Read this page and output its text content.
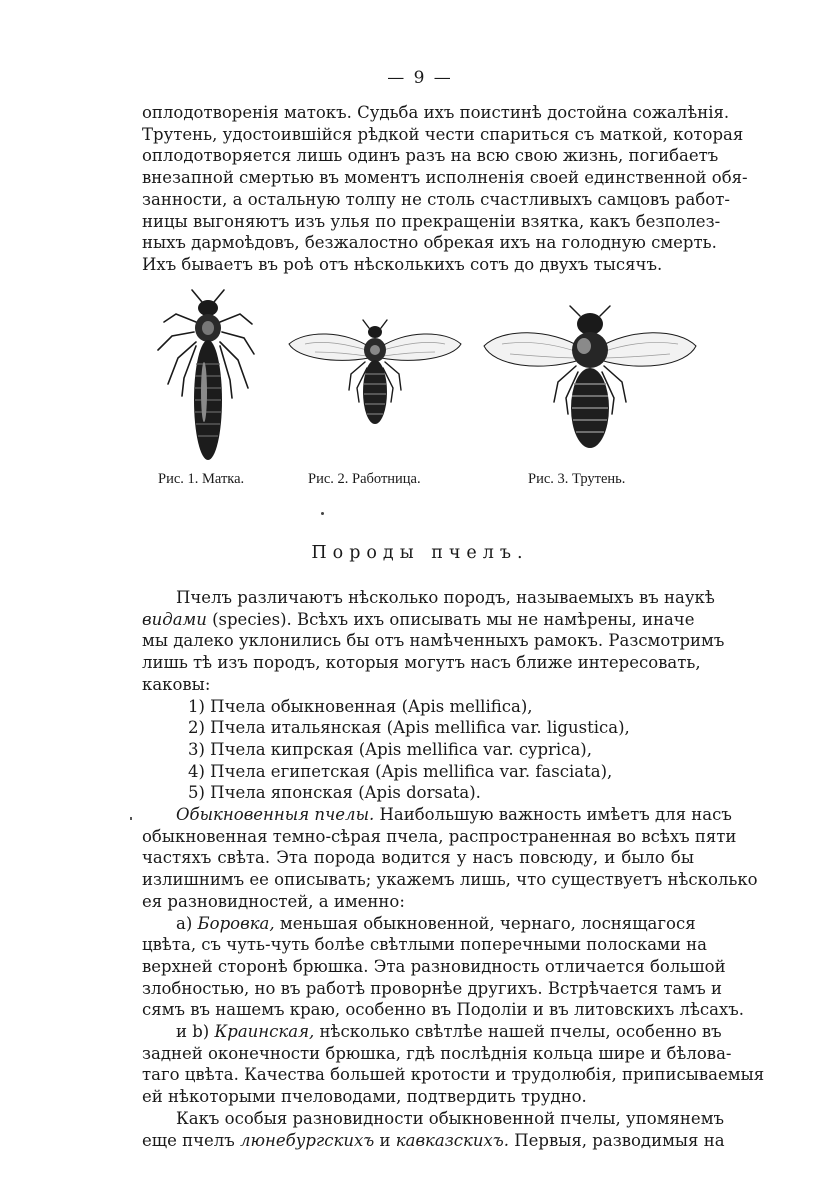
— 9 —
оплодотворенія матокъ. Судьба ихъ поистинѣ достойна сожалѣнія.
Трутень, удостоившійся рѣдкой чести спариться съ маткой, которая
оплодотворяется лишь одинъ разъ на всю свою жизнь, погибаетъ
внезапной смертью въ моментъ исполненія своей единственной обя-
занности, а остальную толпу не столь счастливыхъ самцовъ работ-
ницы выгоняютъ изъ улья по прекращеніи взятка, какъ безполез-
ныхъ дармоѣдовъ, безжалостно обрекая ихъ на голодную смерть.
Ихъ бываетъ въ роѣ отъ нѣсколькихъ сотъ до двухъ тысячъ.
Рис. 1. Матка.	Рис. 2. Работница.	Рис. 3. Трутень.
Породы пчелъ.
Пчелъ различаютъ нѣсколько породъ, называемыхъ въ наукѣ
видами (species). Всѣхъ ихъ описывать мы не намѣрены, иначе
мы далеко уклонились бы отъ намѣченныхъ рамокъ. Разсмотримъ
лишь тѣ изъ породъ, которыя могутъ насъ ближе интересовать,
каковы:
1) Пчела обыкновенная (Apis mellifica),
2) Пчела итальянская (Apis mellifica var. ligustica),
3) Пчела кипрская (Apis mellifica var. cyprica),
4) Пчела египетская (Apis mellifica var. fasciata),
5) Пчела японская (Apis dorsata).
Обыкновенныя пчелы. Наибольшую важность имѣетъ для насъ
обыкновенная темно-сѣрая пчела, распространенная во всѣхъ пяти
частяхъ свѣта. Эта порода водится у насъ повсюду, и было бы
излишнимъ ее описывать; укажемъ лишь, что существуетъ нѣсколько
ея разновидностей, а именно:
а) Боровка, меньшая обыкновенной, чернаго, лоснящагося
цвѣта, съ чуть-чуть болѣе свѣтлыми поперечными полосками на
верхней сторонѣ брюшка. Эта разновидность отличается большой
злобностью, но въ работѣ проворнѣе другихъ. Встрѣчается тамъ и
сямъ въ нашемъ краю, особенно въ Подоліи и въ литовскихъ лѣсахъ.
и b) Краинская, нѣсколько свѣтлѣе нашей пчелы, особенно въ
задней оконечности брюшка, гдѣ послѣднія кольца шире и бѣлова-
таго цвѣта. Качества большей кротости и трудолюбія, приписываемыя
ей нѣкоторыми пчеловодами, подтвердить трудно.
Какъ особыя разновидности обыкновенной пчелы, упомянемъ
еще пчелъ люнебургскихъ и кавказскихъ. Первыя, разводимыя на
